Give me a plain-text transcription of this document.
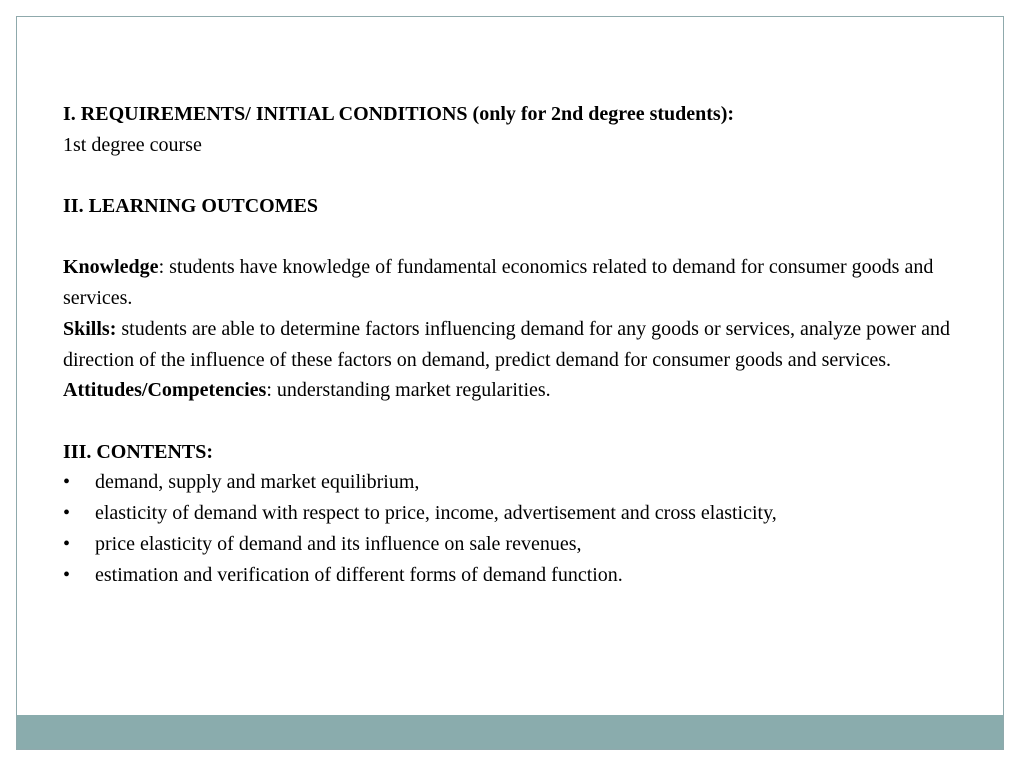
I. REQUIREMENTS/ INITIAL CONDITIONS (only for 2nd degree students):

1st degree course

II. LEARNING OUTCOMES

Knowledge: students have knowledge of fundamental economics related to demand for consumer goods and services.

Skills: students are able to determine factors influencing demand for any goods or services, analyze power and direction of the influence of these factors on demand, predict demand for consumer goods and services.

Attitudes/Competencies: understanding market regularities.

III. CONTENTS:

• demand, supply and market equilibrium,
• elasticity of demand with respect to price, income, advertisement and cross elasticity,
• price elasticity of demand and its influence on sale revenues,
• estimation and verification of different forms of demand function.
